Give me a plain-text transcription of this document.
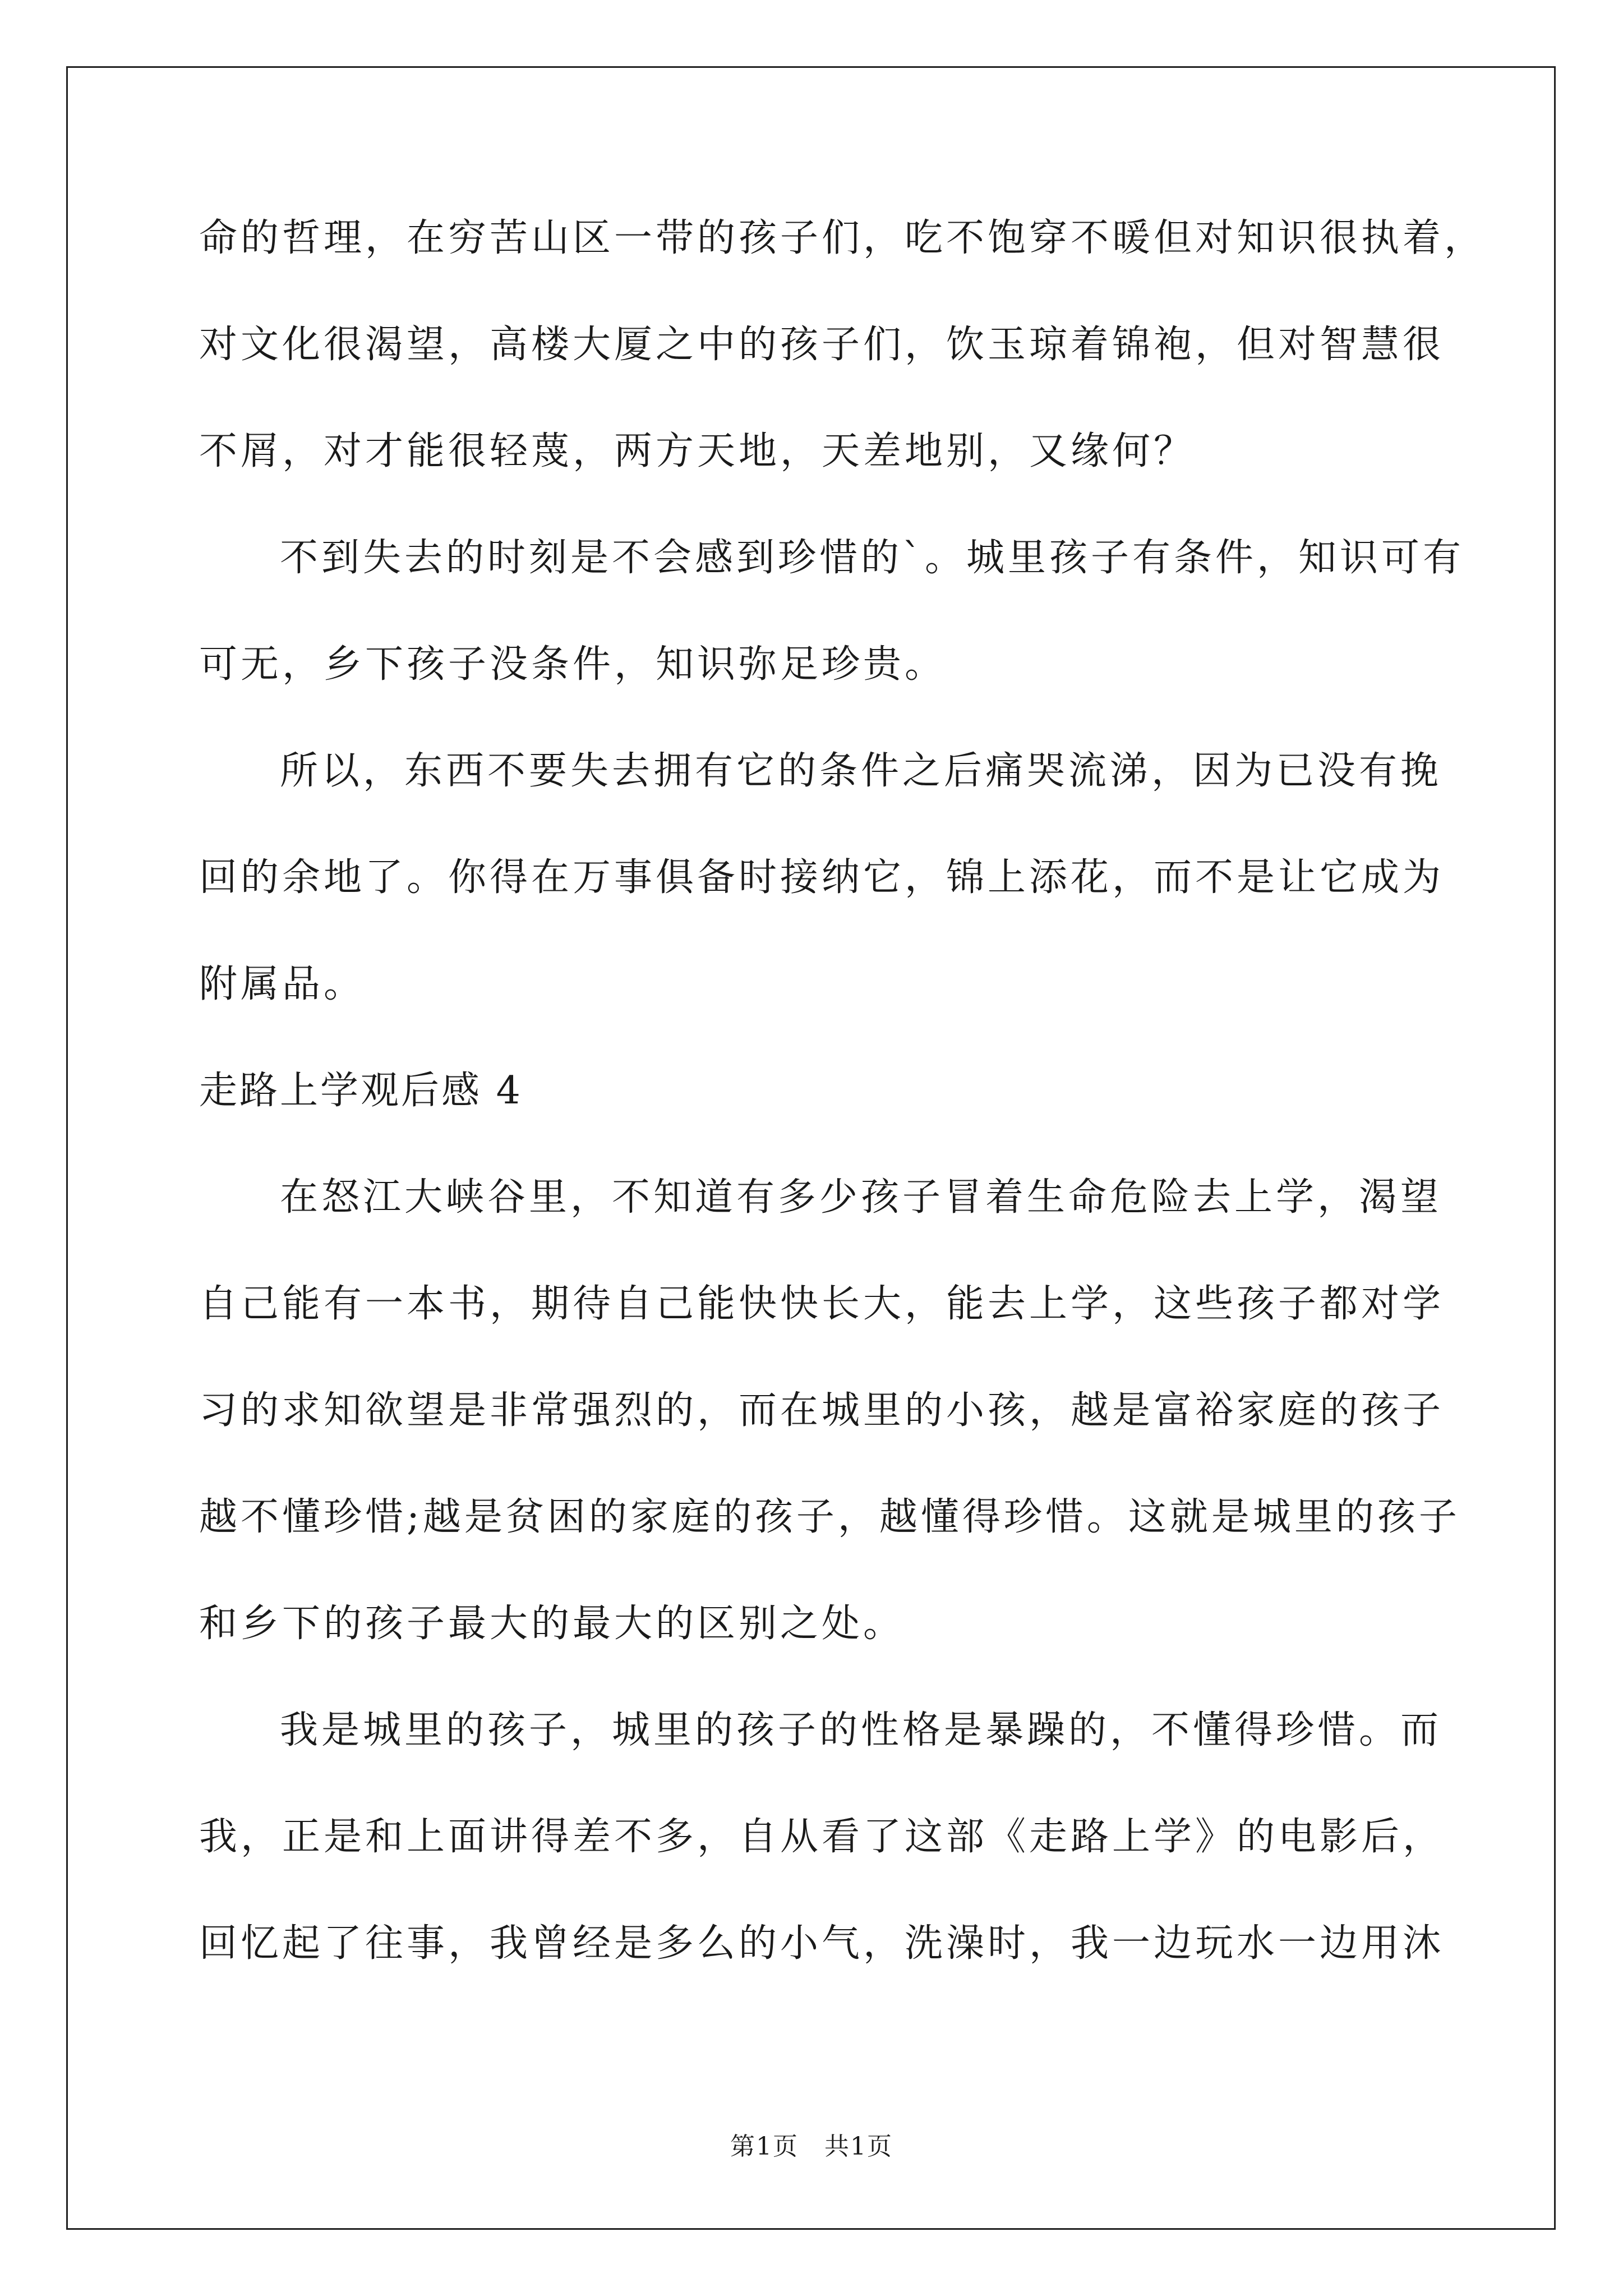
命的哲理，在穷苦山区一带的孩子们，吃不饱穿不暖但对知识很执着，
对文化很渴望，高楼大厦之中的孩子们，饮玉琼着锦袍，但对智慧很
不屑，对才能很轻蔑，两方天地，天差地别，又缘何？
不到失去的时刻是不会感到珍惜的`。城里孩子有条件，知识可有
可无，乡下孩子没条件，知识弥足珍贵。
所以，东西不要失去拥有它的条件之后痛哭流涕，因为已没有挽
回的余地了。你得在万事俱备时接纳它，锦上添花，而不是让它成为
附属品。
走路上学观后感 4
在怒江大峡谷里，不知道有多少孩子冒着生命危险去上学，渴望
自己能有一本书，期待自己能快快长大，能去上学，这些孩子都对学
习的求知欲望是非常强烈的，而在城里的小孩，越是富裕家庭的孩子
越不懂珍惜;越是贫困的家庭的孩子，越懂得珍惜。这就是城里的孩子
和乡下的孩子最大的最大的区别之处。
我是城里的孩子，城里的孩子的性格是暴躁的，不懂得珍惜。而
我，正是和上面讲得差不多，自从看了这部《走路上学》的电影后，
回忆起了往事，我曾经是多么的小气，洗澡时，我一边玩水一边用沐
第1页　共1页
